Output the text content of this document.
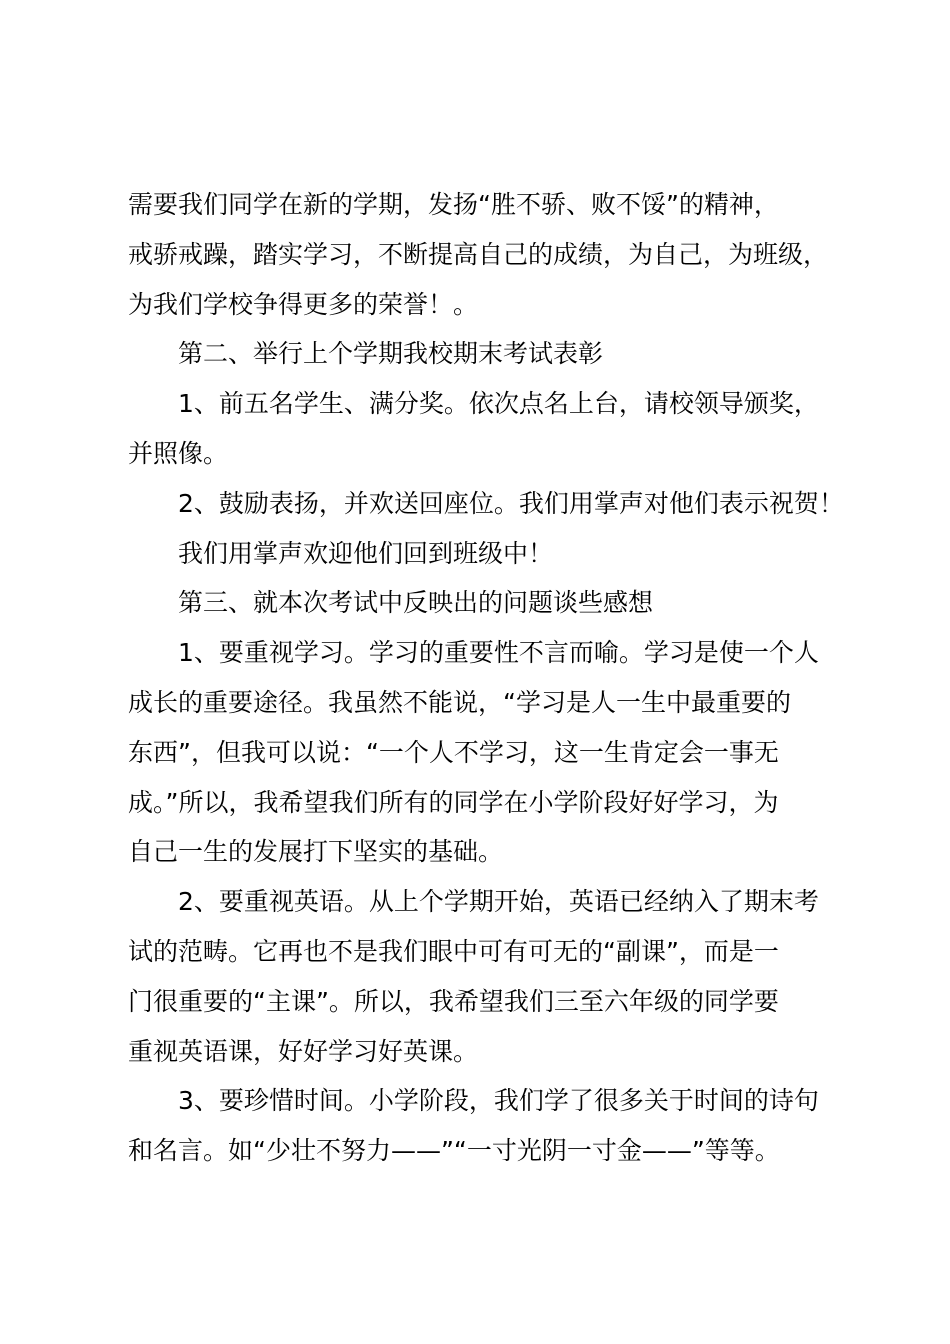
需要我们同学在新的学期，发扬“胜不骄、败不馁”的精神，
戒骄戒躁，踏实学习，不断提高自己的成绩，为自己，为班级，
为我们学校争得更多的荣誉！。
第二、举行上个学期我校期末考试表彰
1、前五名学生、满分奖。依次点名上台，请校领导颁奖，
并照像。
2、鼓励表扬，并欢送回座位。我们用掌声对他们表示祝贺！
我们用掌声欢迎他们回到班级中！
第三、就本次考试中反映出的问题谈些感想
1、要重视学习。学习的重要性不言而喻。学习是使一个人
成长的重要途径。我虽然不能说，“学习是人一生中最重要的
东西”，但我可以说：“一个人不学习，这一生肯定会一事无
成。”所以，我希望我们所有的同学在小学阶段好好学习，为
自己一生的发展打下坚实的基础。
2、要重视英语。从上个学期开始，英语已经纳入了期末考
试的范畴。它再也不是我们眼中可有可无的“副课”，而是一
门很重要的“主课”。所以，我希望我们三至六年级的同学要
重视英语课，好好学习好英课。
3、要珍惜时间。小学阶段，我们学了很多关于时间的诗句
和名言。如“少壮不努力——”“一寸光阴一寸金——”等等。
